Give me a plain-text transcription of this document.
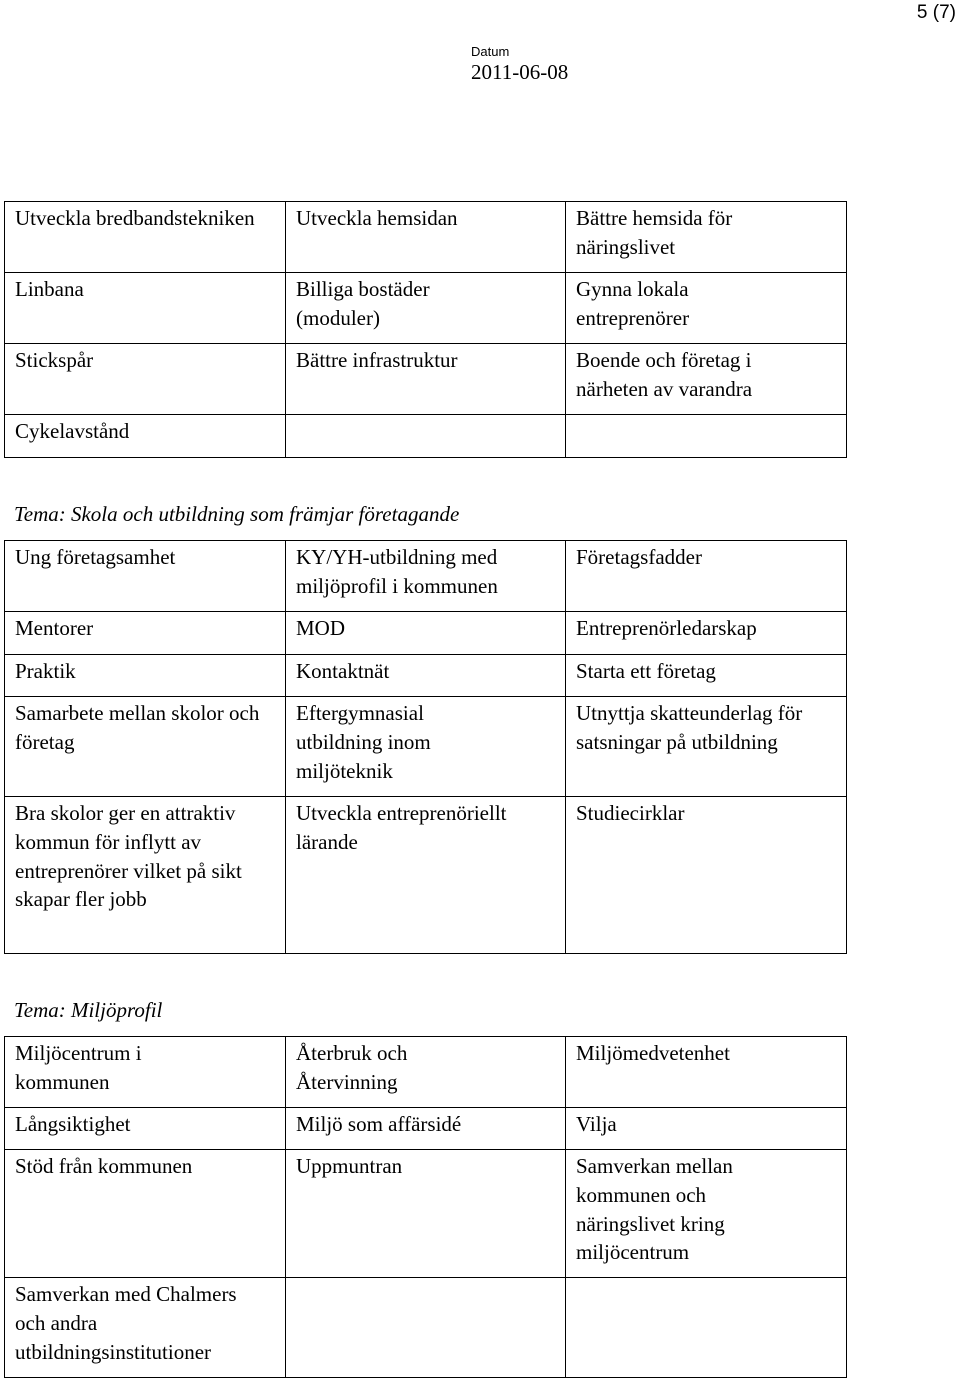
5 (7)
Datum
2011-06-08
Utveckla bredbandstekniken	Utveckla hemsidan	Bättre hemsida för näringslivet
Linbana	Billiga bostäder (moduler)	Gynna lokala entreprenörer
Stickspår	Bättre infrastruktur	Boende och företag i närheten av varandra
Cykelavstånd		
Tema: Skola och utbildning som främjar företagande
Ung företagsamhet	KY/YH-utbildning med miljöprofil i kommunen	Företagsfadder
Mentorer	MOD	Entreprenörledarskap
Praktik	Kontaktnät	Starta ett företag
Samarbete mellan skolor och företag	Eftergymnasial utbildning inom miljöteknik	Utnyttja skatteunderlag för satsningar på utbildning
Bra skolor ger en attraktiv kommun för inflytt av entreprenörer vilket på sikt skapar fler jobb	Utveckla entreprenöriellt lärande	Studiecirklar
Tema: Miljöprofil
Miljöcentrum i kommunen	Återbruk och Återvinning	Miljömedvetenhet
Långsiktighet	Miljö som affärsidé	Vilja
Stöd från kommunen	Uppmuntran	Samverkan mellan kommunen och näringslivet kring miljöcentrum
Samverkan med Chalmers och andra utbildningsinstitutioner		
